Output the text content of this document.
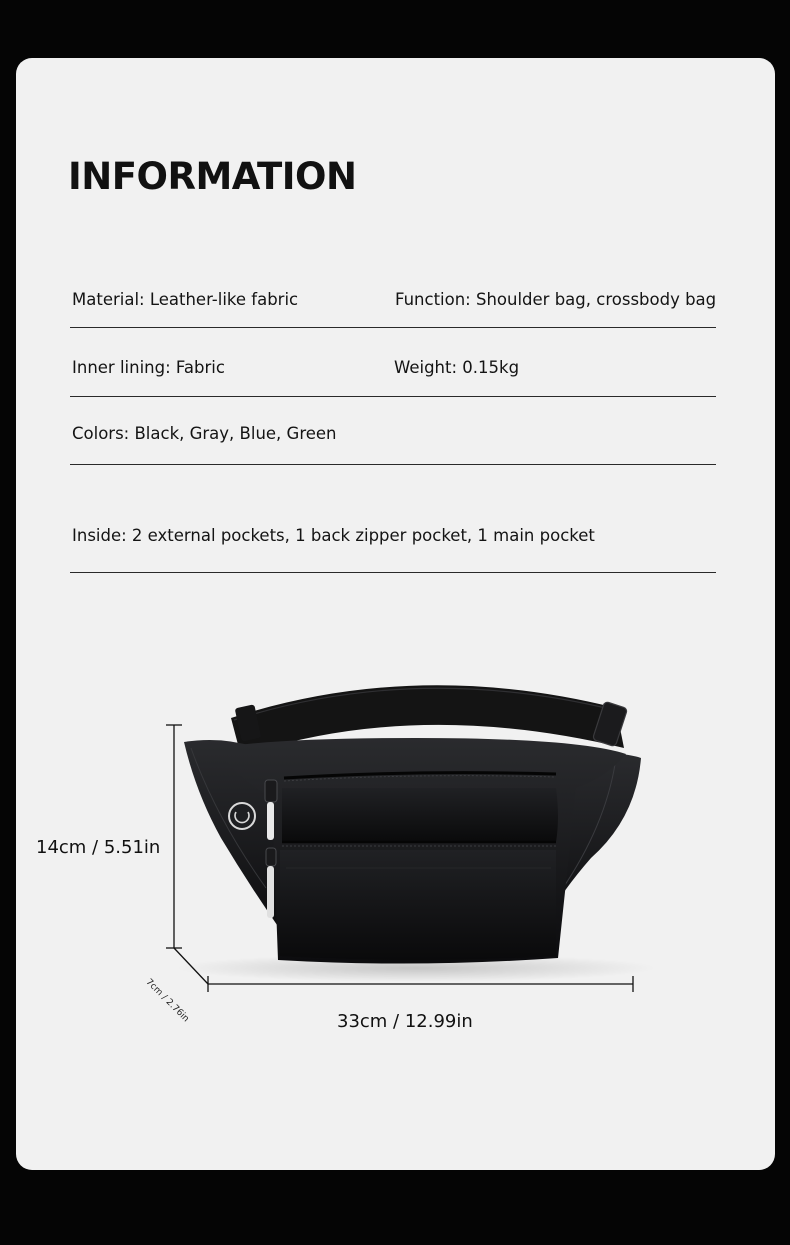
INFORMATION
Material: Leather-like fabric	Function: Shoulder bag, crossbody bag
Inner lining: Fabric	Weight: 0.15kg
Colors: Black, Gray, Blue, Green
Inside: 2 external pockets, 1 back zipper pocket, 1 main pocket
14cm / 5.51in
33cm / 12.99in
7cm / 2.76in
